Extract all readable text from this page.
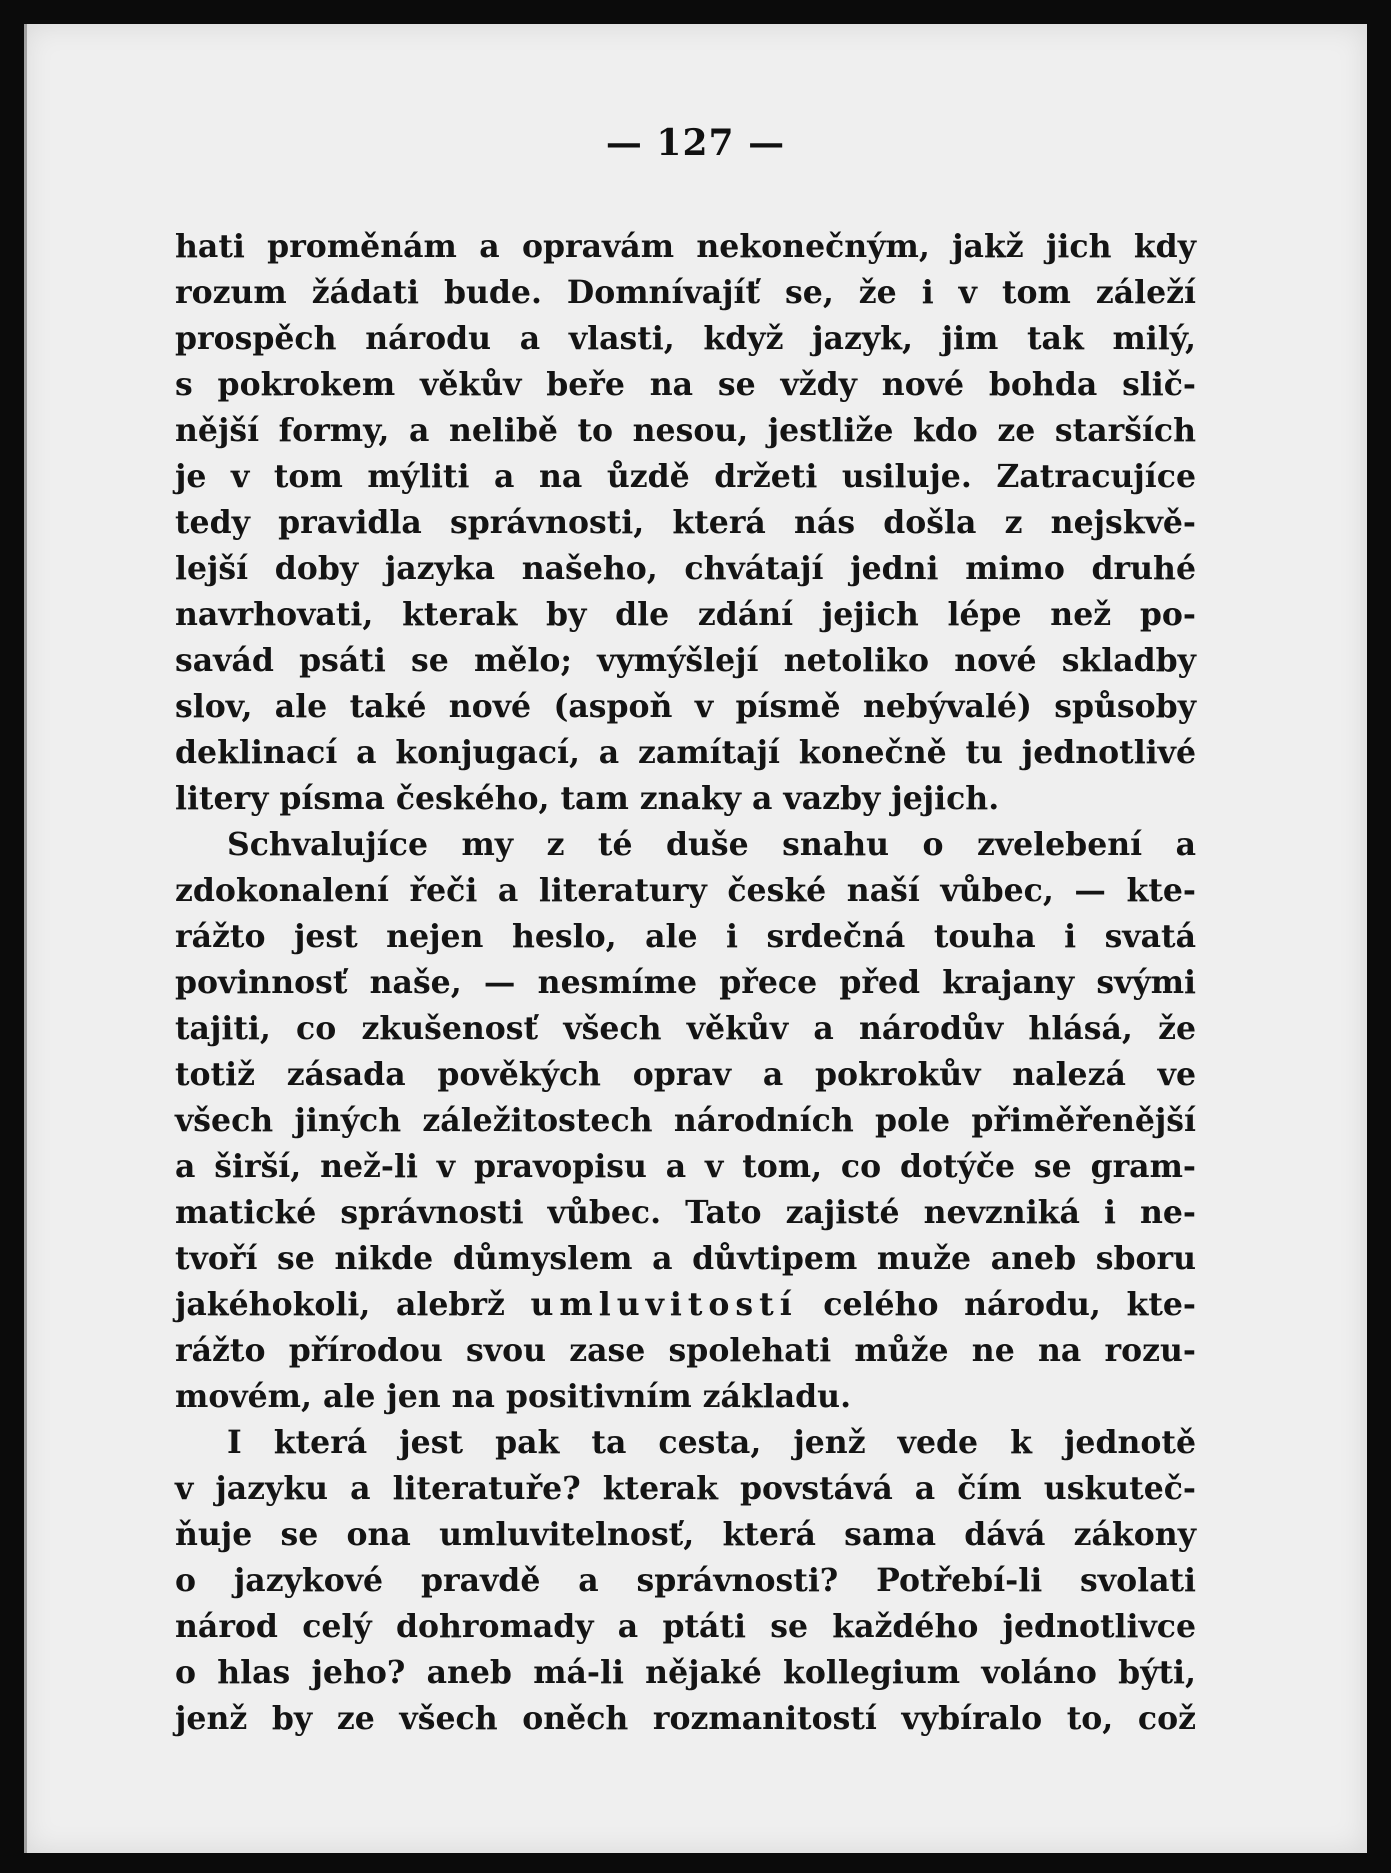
— 127 —
hati proměnám a opravám nekonečným, jakž jich kdy
rozum žádati bude. Domnívajíť se, že i v tom záleží
prospěch národu a vlasti, když jazyk, jim tak milý,
s pokrokem věkův beře na se vždy nové bohda slič-
nější formy, a nelibě to nesou, jestliže kdo ze starších
je v tom mýliti a na ůzdě držeti usiluje. Zatracujíce
tedy pravidla správnosti, která nás došla z nejskvě-
lejší doby jazyka našeho, chvátají jedni mimo druhé
navrhovati, kterak by dle zdání jejich lépe než po-
savád psáti se mělo; vymýšlejí netoliko nové skladby
slov, ale také nové (aspoň v písmě nebývalé) spůsoby
deklinací a konjugací, a zamítají konečně tu jednotlivé
litery písma českého, tam znaky a vazby jejich.
Schvalujíce my z té duše snahu o zvelebení a
zdokonalení řeči a literatury české naší vůbec, — kte-
rážto jest nejen heslo, ale i srdečná touha i svatá
povinnosť naše, — nesmíme přece před krajany svými
tajiti, co zkušenosť všech věkův a národův hlásá, že
totiž zásada pověkých oprav a pokrokův nalezá ve
všech jiných záležitostech národních pole přiměřenější
a širší, než-li v pravopisu a v tom, co dotýče se gram-
matické správnosti vůbec. Tato zajisté nevzniká i ne-
tvoří se nikde důmyslem a důvtipem muže aneb sboru
jakéhokoli, alebrž umluvitostí celého národu, kte-
rážto přírodou svou zase spolehati může ne na rozu-
movém, ale jen na positivním základu.
I která jest pak ta cesta, jenž vede k jednotě
v jazyku a literatuře? kterak povstává a čím uskuteč-
ňuje se ona umluvitelnosť, která sama dává zákony
o jazykové pravdě a správnosti? Potřebí-li svolati
národ celý dohromady a ptáti se každého jednotlivce
o hlas jeho? aneb má-li nějaké kollegium voláno býti,
jenž by ze všech oněch rozmanitostí vybíralo to, což
